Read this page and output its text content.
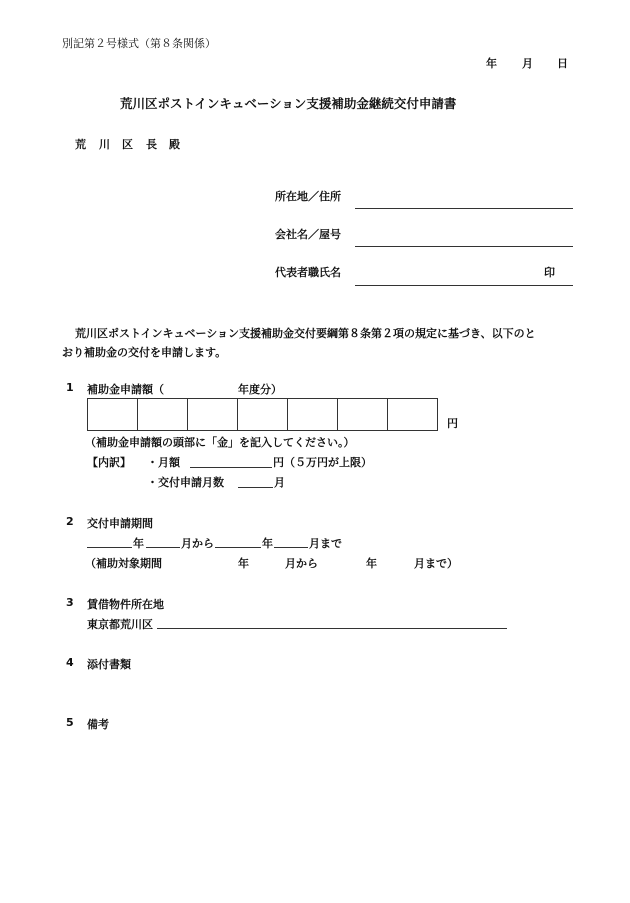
別記第２号様式（第８条関係）
年 月 日
荒川区ポストインキュベーション支援補助金継続交付申請書
荒 川 区 長 殿
所在地／住所
会社名／屋号
代表者職氏名	印
荒川区ポストインキュベーション支援補助金交付要綱第８条第２項の規定に基づき、以下のと
おり補助金の交付を申請します。
1 補助金申請額（	年度分）

円
（補助金申請額の頭部に「金」を記入してください。）
【内訳】 ・月額	円（５万円が上限）
・交付申請月数	月
2 交付申請期間
年	月から	年	月まで
（補助対象期間	年	月から	年	月まで）
3 賃借物件所在地
東京都荒川区
4 添付書類
5 備考
